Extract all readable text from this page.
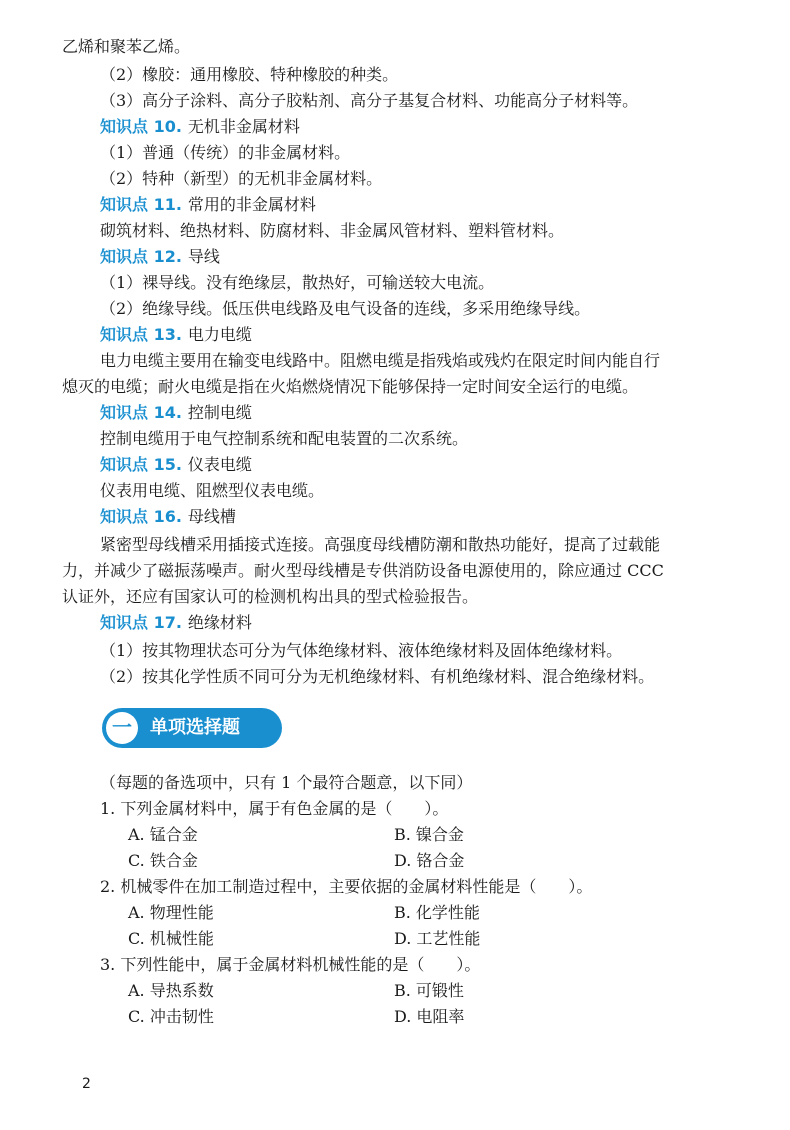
乙烯和聚苯乙烯。
（2）橡胶：通用橡胶、特种橡胶的种类。
（3）高分子涂料、高分子胶粘剂、高分子基复合材料、功能高分子材料等。
知识点 10. 无机非金属材料
（1）普通（传统）的非金属材料。
（2）特种（新型）的无机非金属材料。
知识点 11. 常用的非金属材料
砌筑材料、绝热材料、防腐材料、非金属风管材料、塑料管材料。
知识点 12. 导线
（1）裸导线。没有绝缘层，散热好，可输送较大电流。
（2）绝缘导线。低压供电线路及电气设备的连线，多采用绝缘导线。
知识点 13. 电力电缆
电力电缆主要用在输变电线路中。阻燃电缆是指残焰或残灼在限定时间内能自行
熄灭的电缆；耐火电缆是指在火焰燃烧情况下能够保持一定时间安全运行的电缆。
知识点 14. 控制电缆
控制电缆用于电气控制系统和配电装置的二次系统。
知识点 15. 仪表电缆
仪表用电缆、阻燃型仪表电缆。
知识点 16. 母线槽
紧密型母线槽采用插接式连接。高强度母线槽防潮和散热功能好，提高了过载能
力，并减少了磁振荡噪声。耐火型母线槽是专供消防设备电源使用的，除应通过 CCC
认证外，还应有国家认可的检测机构出具的型式检验报告。
知识点 17. 绝缘材料
（1）按其物理状态可分为气体绝缘材料、液体绝缘材料及固体绝缘材料。
（2）按其化学性质不同可分为无机绝缘材料、有机绝缘材料、混合绝缘材料。
一	单项选择题
（每题的备选项中，只有 1 个最符合题意，以下同）
1. 下列金属材料中，属于有色金属的是（　　）。
A. 锰合金	B. 镍合金
C. 铁合金	D. 铬合金
2. 机械零件在加工制造过程中，主要依据的金属材料性能是（　　）。
A. 物理性能	B. 化学性能
C. 机械性能	D. 工艺性能
3. 下列性能中，属于金属材料机械性能的是（　　）。
A. 导热系数	B. 可锻性
C. 冲击韧性	D. 电阻率
2
